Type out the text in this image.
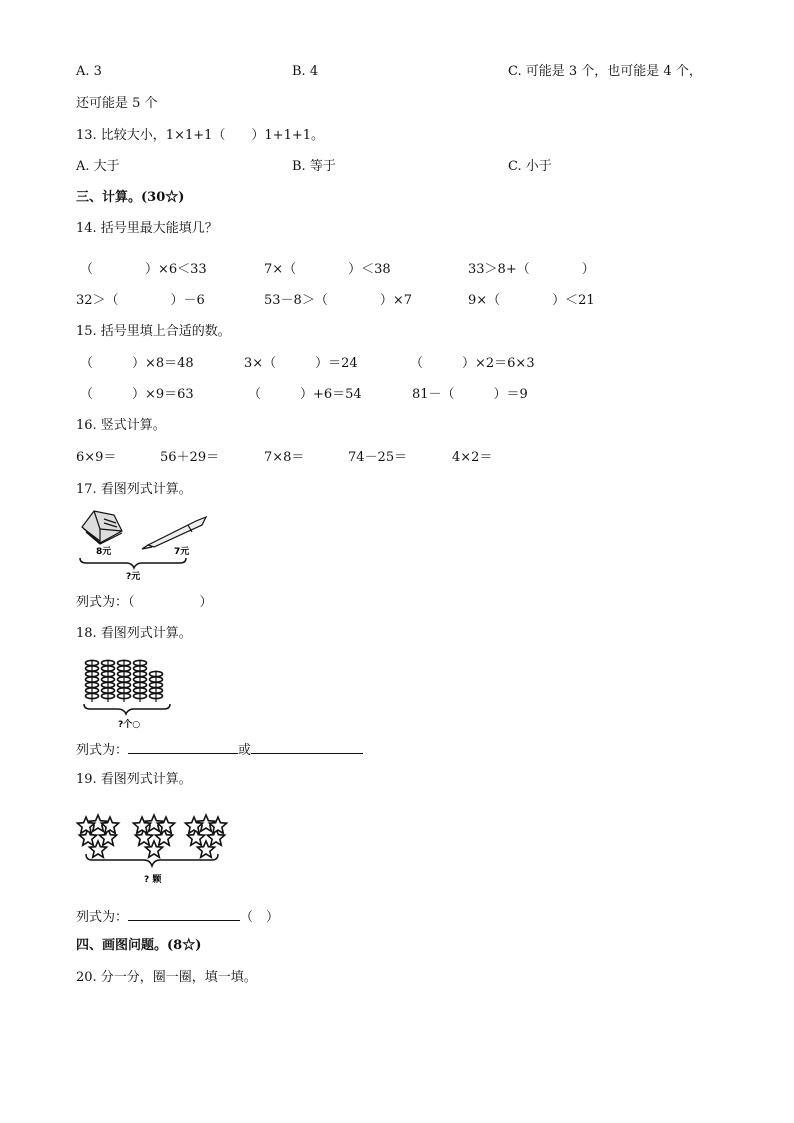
A. 3	B. 4	C. 可能是 3 个，也可能是 4 个，
还可能是 5 个
13. 比较大小，1×1+1（　　）1+1+1。
A. 大于	B. 等于	C. 小于
三、计算。(30☆)
14. 括号里最大能填几？
（　　　　）×6＜33	7×（　　　　）＜38	33＞8+（　　　　）
32＞（　　　　）－6	53－8＞（　　　　）×7	9×（　　　　）＜21
15. 括号里填上合适的数。
（　　　）×8＝48	3×（　　　）＝24	（　　　）×2＝6×3
（　　　）×9＝63	（　　　）+6＝54	81－（　　　）＝9
16. 竖式计算。
6×9＝	56＋29＝	7×8＝	74－25＝	4×2＝
17. 看图列式计算。
8元	7元
?元
列式为：（　　　　　）
18. 看图列式计算。
?个○
列式为：	或
19. 看图列式计算。
? 颗
列式为：	（　）
四、画图问题。(8☆)
20. 分一分，圈一圈，填一填。
